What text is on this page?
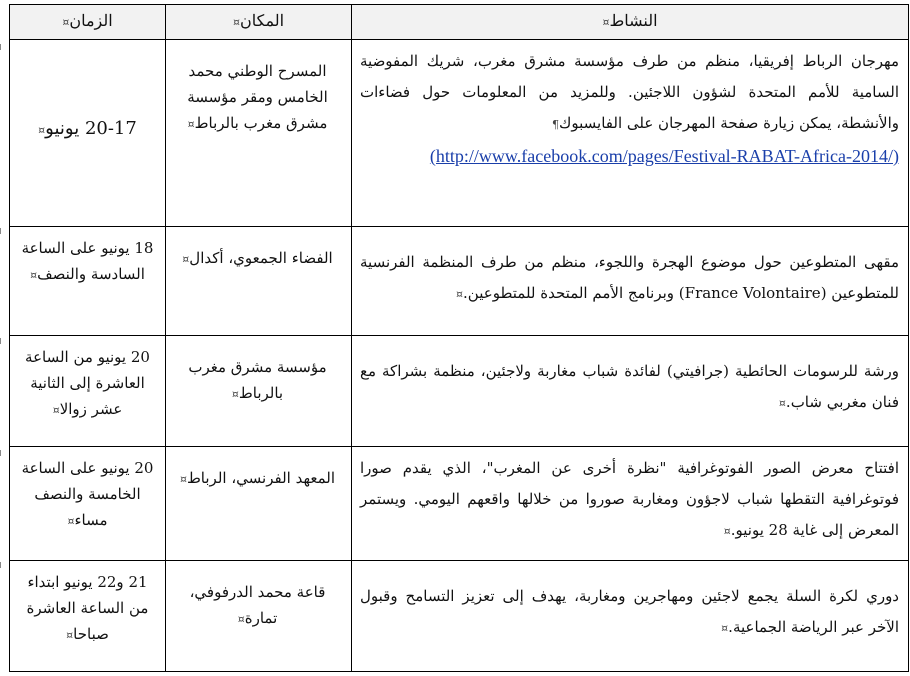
النشاط¤	المكان¤	الزمان¤

مهرجان الرباط إفريقيا، منظم من طرف مؤسسة مشرق مغرب، شريك المفوضية السامية للأمم المتحدة لشؤون اللاجئين. وللمزيد من المعلومات حول فضاءات والأنشطة، يمكن زيارة صفحة المهرجان على الفايسبوك¶
(http://www.facebook.com/pages/Festival-RABAT-Africa-2014/)	المسرح الوطني محمد الخامس ومقر مؤسسة مشرق مغرب بالرباط¤	20-17 يونيو¤

مقهى المتطوعين حول موضوع الهجرة واللجوء، منظم من طرف المنظمة الفرنسية للمتطوعين (France Volontaire) وبرنامج الأمم المتحدة للمتطوعين.¤	الفضاء الجمعوي، أكدال¤	18 يونيو على الساعة السادسة والنصف¤

ورشة للرسومات الحائطية (جرافيتي) لفائدة شباب مغاربة ولاجئين، منظمة بشراكة مع فنان مغربي شاب.¤	مؤسسة مشرق مغرب بالرباط¤	20 يونيو من الساعة العاشرة إلى الثانية عشر زوالا¤

افتتاح معرض الصور الفوتوغرافية "نظرة أخرى عن المغرب"، الذي يقدم صورا فوتوغرافية التقطها شباب لاجؤون ومغاربة صوروا من خلالها واقعهم اليومي. ويستمر المعرض إلى غاية 28 يونيو.¤	المعهد الفرنسي، الرباط¤	20 يونيو على الساعة الخامسة والنصف مساء¤

دوري لكرة السلة يجمع لاجئين ومهاجرين ومغاربة، يهدف إلى تعزيز التسامح وقبول الآخر عبر الرياضة الجماعية.¤	قاعة محمد الدرفوفي، تمارة¤	21 و22 يونيو ابتداء من الساعة العاشرة صباحا¤
